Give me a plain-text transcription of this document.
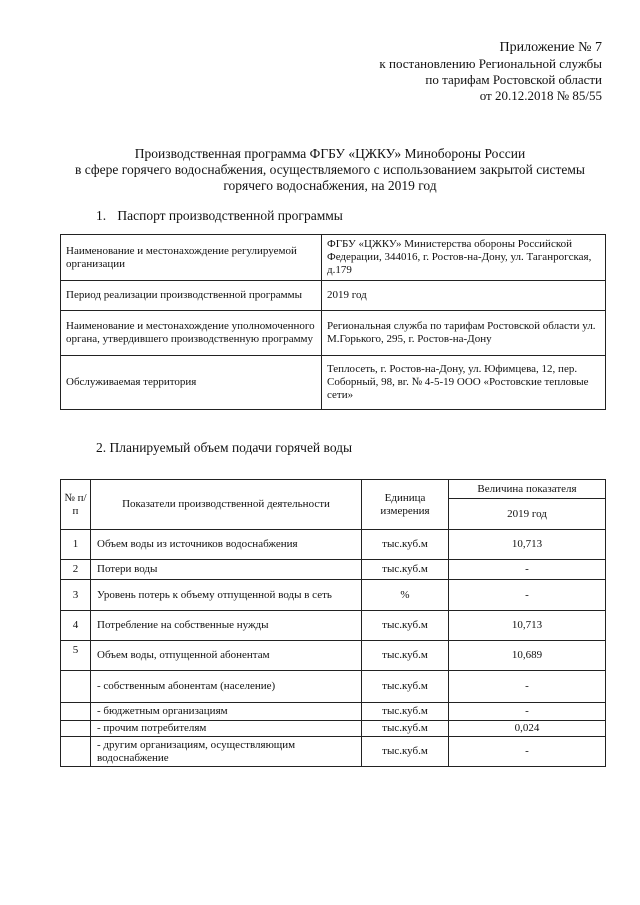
Приложение № 7
к постановлению Региональной службы
по тарифам Ростовской области
от 20.12.2018 № 85/55
Производственная программа ФГБУ «ЦЖКУ» Минобороны России
в сфере горячего водоснабжения, осуществляемого с использованием закрытой системы
горячего водоснабжения, на 2019 год
1. Паспорт производственной программы
Наименование и местонахождение регулируемой организации	ФГБУ «ЦЖКУ» Министерства обороны Российской Федерации, 344016, г. Ростов-на-Дону, ул. Таганрогская, д.179
Период реализации производственной программы	2019 год
Наименование и местонахождение уполномоченного органа, утвердившего производственную программу	Региональная служба по тарифам Ростовской области ул. М.Горького, 295, г. Ростов-на-Дону
Обслуживаемая территория	Теплосеть, г. Ростов-на-Дону, ул. Юфимцева, 12, пер. Соборный, 98, вг. № 4-5-19 ООО «Ростовские тепловые сети»
2. Планируемый объем подачи горячей воды
№ п/п	Показатели производственной деятельности	Единица измерения	Величина показателя
			2019 год
1	Объем воды из источников водоснабжения	тыс.куб.м	10,713
2	Потери воды	тыс.куб.м	-
3	Уровень потерь к объему отпущенной воды в сеть	%	-
4	Потребление на собственные нужды	тыс.куб.м	10,713
5	Объем воды, отпущенной абонентам	тыс.куб.м	10,689
	- собственным абонентам (население)	тыс.куб.м	-
	- бюджетным организациям	тыс.куб.м	-
	- прочим потребителям	тыс.куб.м	0,024
	- другим организациям, осуществляющим водоснабжение	тыс.куб.м	-
